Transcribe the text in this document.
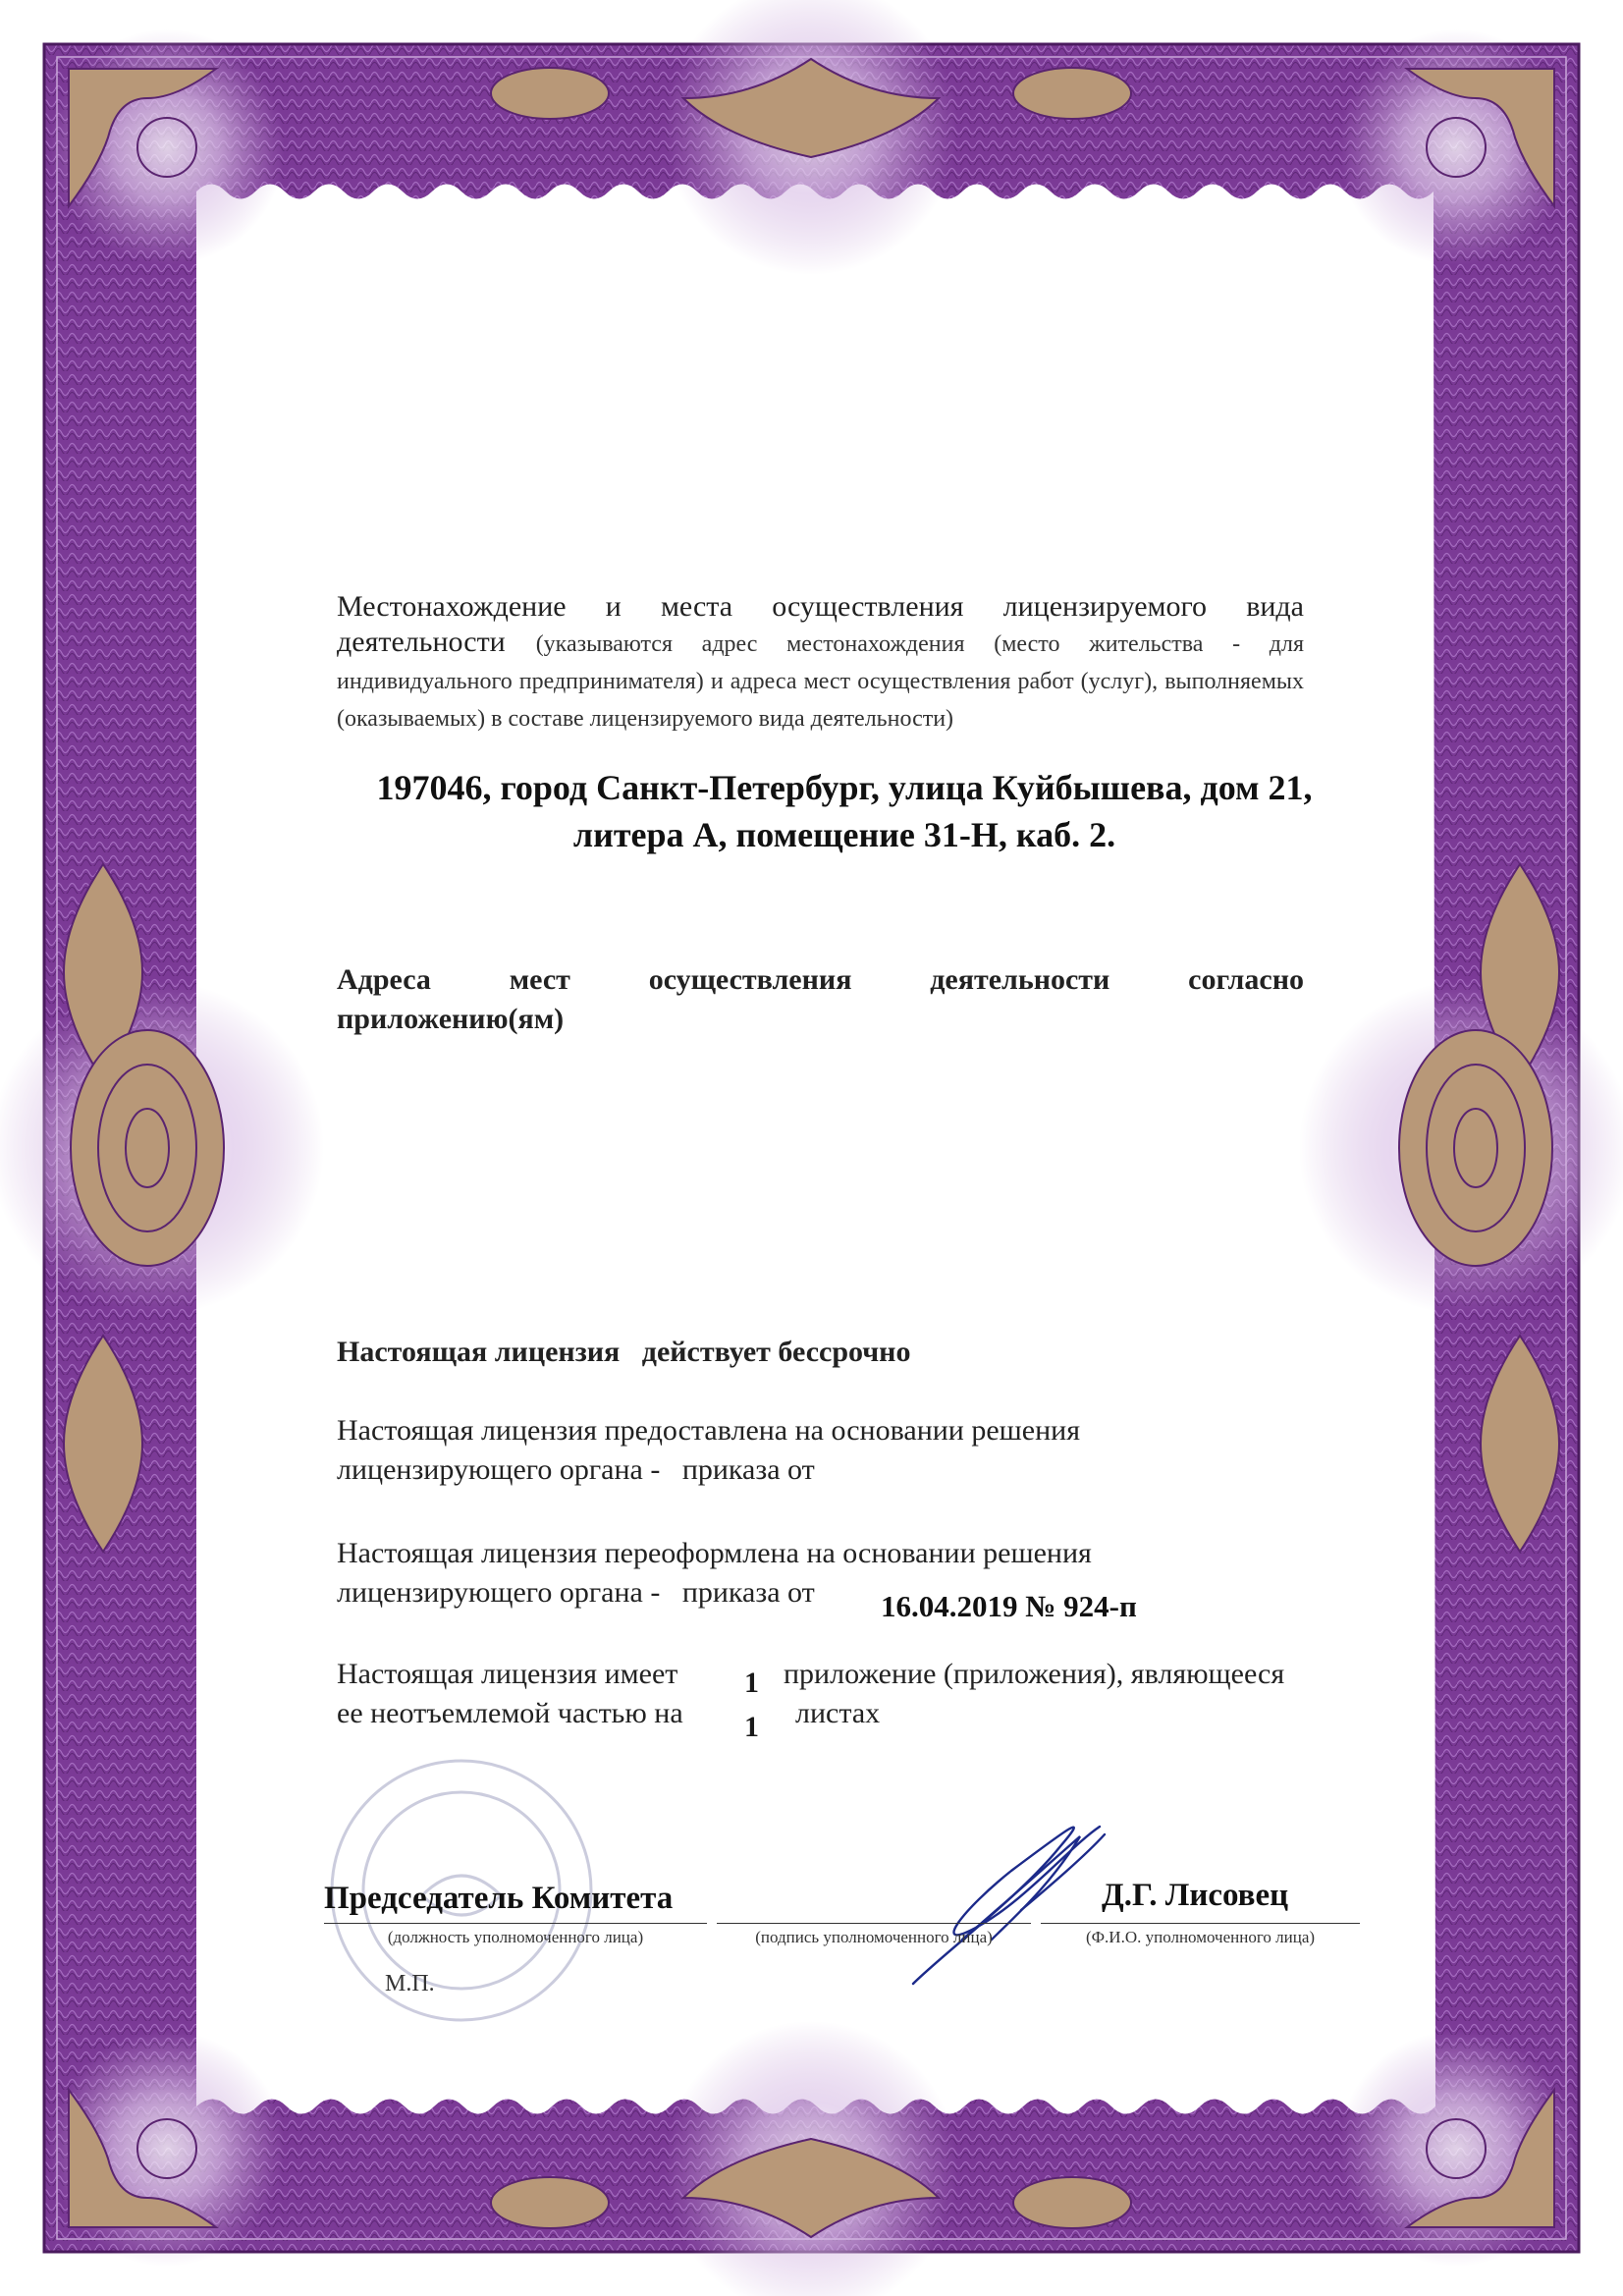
Местонахождение и места осуществления лицензируемого вида деятельности (указываются адрес местонахождения (место жительства - для индивидуального предпринимателя) и адреса мест осуществления работ (услуг), выполняемых (оказываемых) в составе лицензируемого вида деятельности)
197046, город Санкт-Петербург, улица Куйбышева, дом 21,
литера А, помещение 31-Н, каб. 2.
Адреса мест осуществления деятельности согласно
приложению(ям)
Настоящая лицензия   действует бессрочно
Настоящая лицензия предоставлена на основании решения
лицензирующего органа -   приказа от
Настоящая лицензия переоформлена на основании решения
лицензирующего органа -   приказа от 16.04.2019 № 924-п
Настоящая лицензия имеет
ее неотъемлемой частью на
1
1
приложение (приложения), являющееся
листах
Председатель Комитета
(должность уполномоченного лица)	(подпись уполномоченного лица)
Д.Г. Лисовец
(Ф.И.О. уполномоченного лица)
М.П.
